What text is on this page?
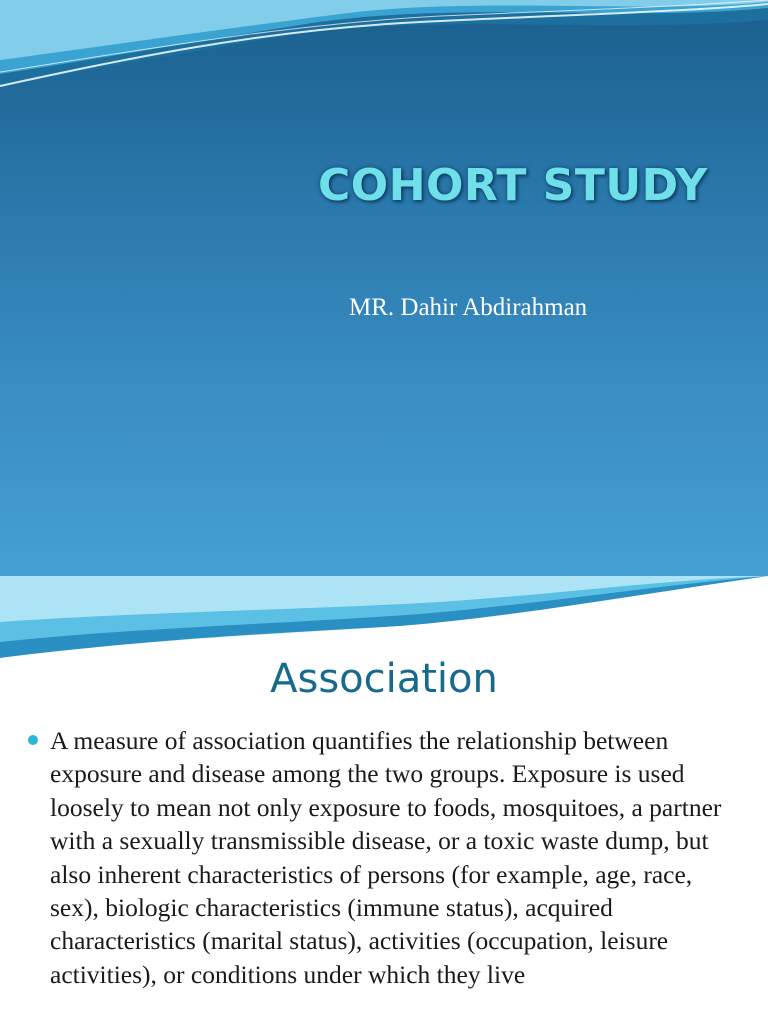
COHORT STUDY
MR. Dahir Abdirahman
Association
A measure of association quantifies the relationship between exposure and disease among the two groups. Exposure is used loosely to mean not only exposure to foods, mosquitoes, a partner with a sexually transmissible disease, or a toxic waste dump, but also inherent characteristics of persons (for example, age, race, sex), biologic characteristics (immune status), acquired characteristics (marital status), activities (occupation, leisure activities), or conditions under which they live
